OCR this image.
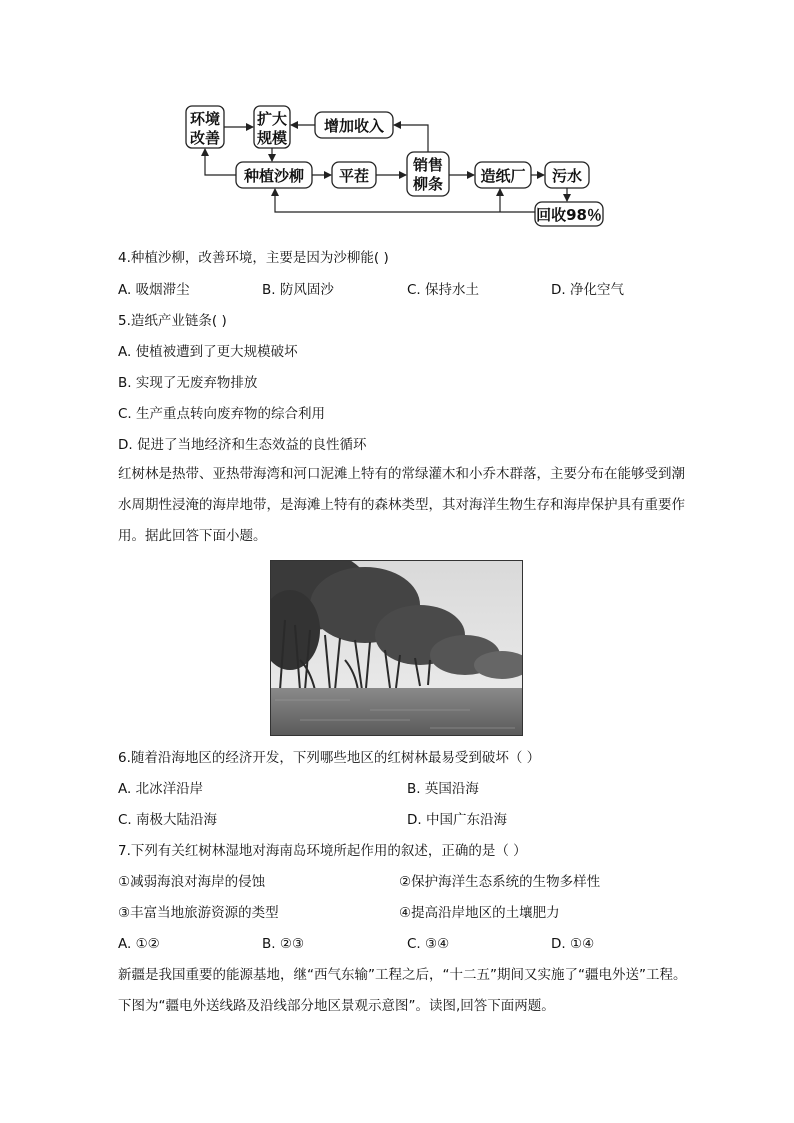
环境
改善
扩大
规模
增加收入
种植沙柳 平茬
销售
柳条 造纸厂 污水
回收98％
4.种植沙柳，改善环境，主要是因为沙柳能( )
A. 吸烟滞尘	B. 防风固沙	C. 保持水土	D. 净化空气
5.造纸产业链条( )
A. 使植被遭到了更大规模破坏
B. 实现了无废弃物排放
C. 生产重点转向废弃物的综合利用
D. 促进了当地经济和生态效益的良性循环
红树林是热带、亚热带海湾和河口泥滩上特有的常绿灌木和小乔木群落，主要分布在能够受到潮水周期性浸淹的海岸地带，是海滩上特有的森林类型，其对海洋生物生存和海岸保护具有重要作用。据此回答下面小题。
6.随着沿海地区的经济开发，下列哪些地区的红树林最易受到破坏（ ）
A. 北冰洋沿岸	B. 英国沿海
C. 南极大陆沿海	D. 中国广东沿海
7.下列有关红树林湿地对海南岛环境所起作用的叙述，正确的是（ ）
①减弱海浪对海岸的侵蚀	②保护海洋生态系统的生物多样性
③丰富当地旅游资源的类型	④提高沿岸地区的土壤肥力
A. ①②	B. ②③	C. ③④	D. ①④
新疆是我国重要的能源基地，继“西气东输”工程之后，“十二五”期间又实施了“疆电外送”工程。下图为“疆电外送线路及沿线部分地区景观示意图”。读图,回答下面两题。
